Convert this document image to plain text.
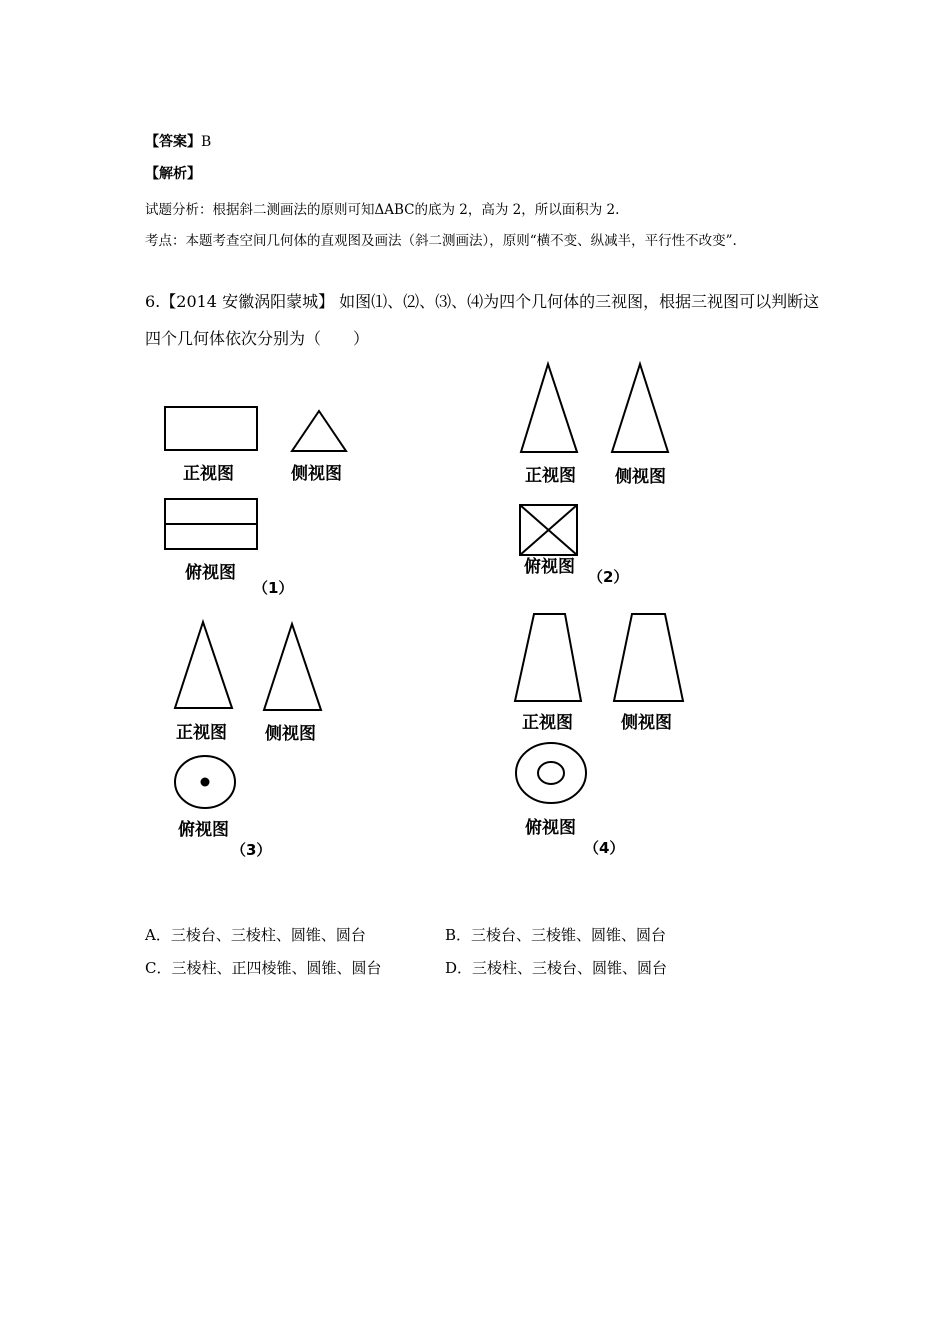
【答案】B
【解析】
试题分析：根据斜二测画法的原则可知ΔABC的底为 2，高为 2，所以面积为 2.
考点：本题考查空间几何体的直观图及画法（斜二测画法），原则“横不变、纵减半，平行性不改变”.
6.【2014 安徽涡阳蒙城】 如图⑴、⑵、⑶、⑷为四个几何体的三视图，根据三视图可以判断这
四个几何体依次分别为（　　）
正视图	侧视图
俯视图
（1）
正视图 侧视图
俯视图 （2）
正视图 侧视图
俯视图
（3）
正视图	侧视图
俯视图
（4）
A．三棱台、三棱柱、圆锥、圆台	B．三棱台、三棱锥、圆锥、圆台
C．三棱柱、正四棱锥、圆锥、圆台	D．三棱柱、三棱台、圆锥、圆台
